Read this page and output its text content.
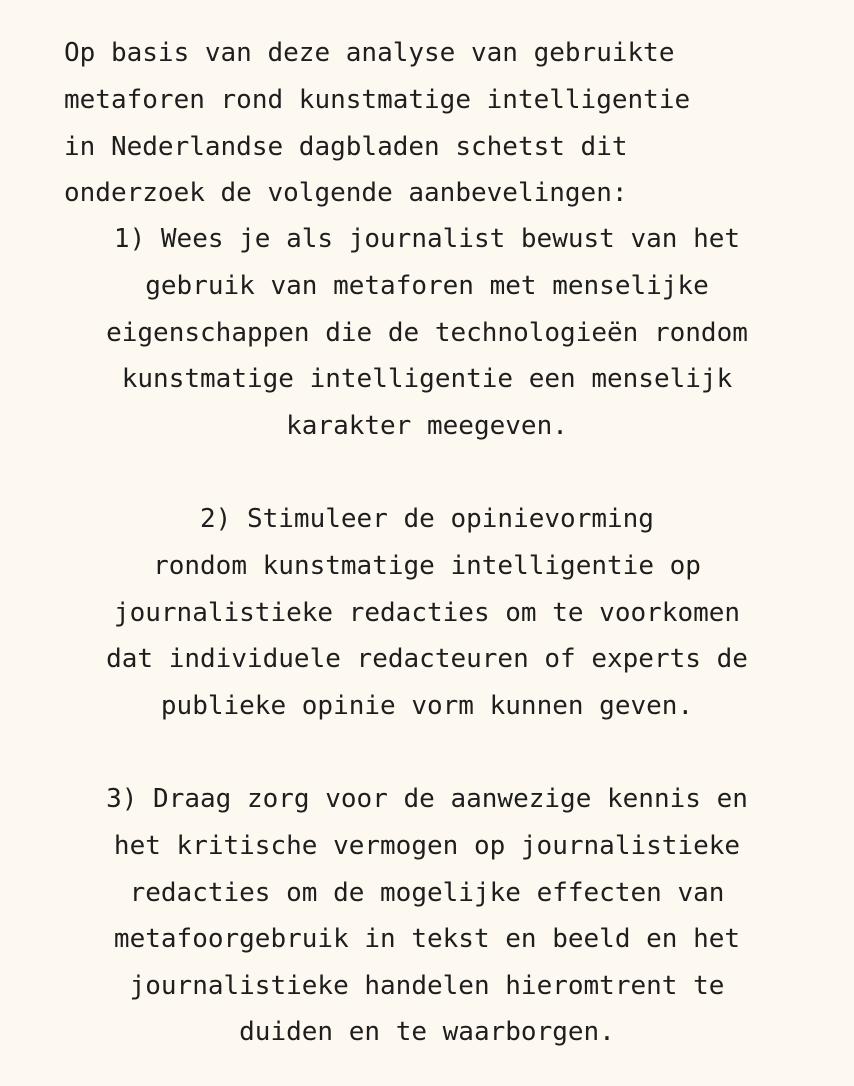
Op basis van deze analyse van gebruikte
metaforen rond kunstmatige intelligentie
in Nederlandse dagbladen schetst dit
onderzoek de volgende aanbevelingen:
1) Wees je als journalist bewust van het
gebruik van metaforen met menselijke
eigenschappen die de technologieën rondom
kunstmatige intelligentie een menselijk
karakter meegeven.
2) Stimuleer de opinievorming
rondom kunstmatige intelligentie op
journalistieke redacties om te voorkomen
dat individuele redacteuren of experts de
publieke opinie vorm kunnen geven.
3) Draag zorg voor de aanwezige kennis en
het kritische vermogen op journalistieke
redacties om de mogelijke effecten van
metafoorgebruik in tekst en beeld en het
journalistieke handelen hieromtrent te
duiden en te waarborgen.
